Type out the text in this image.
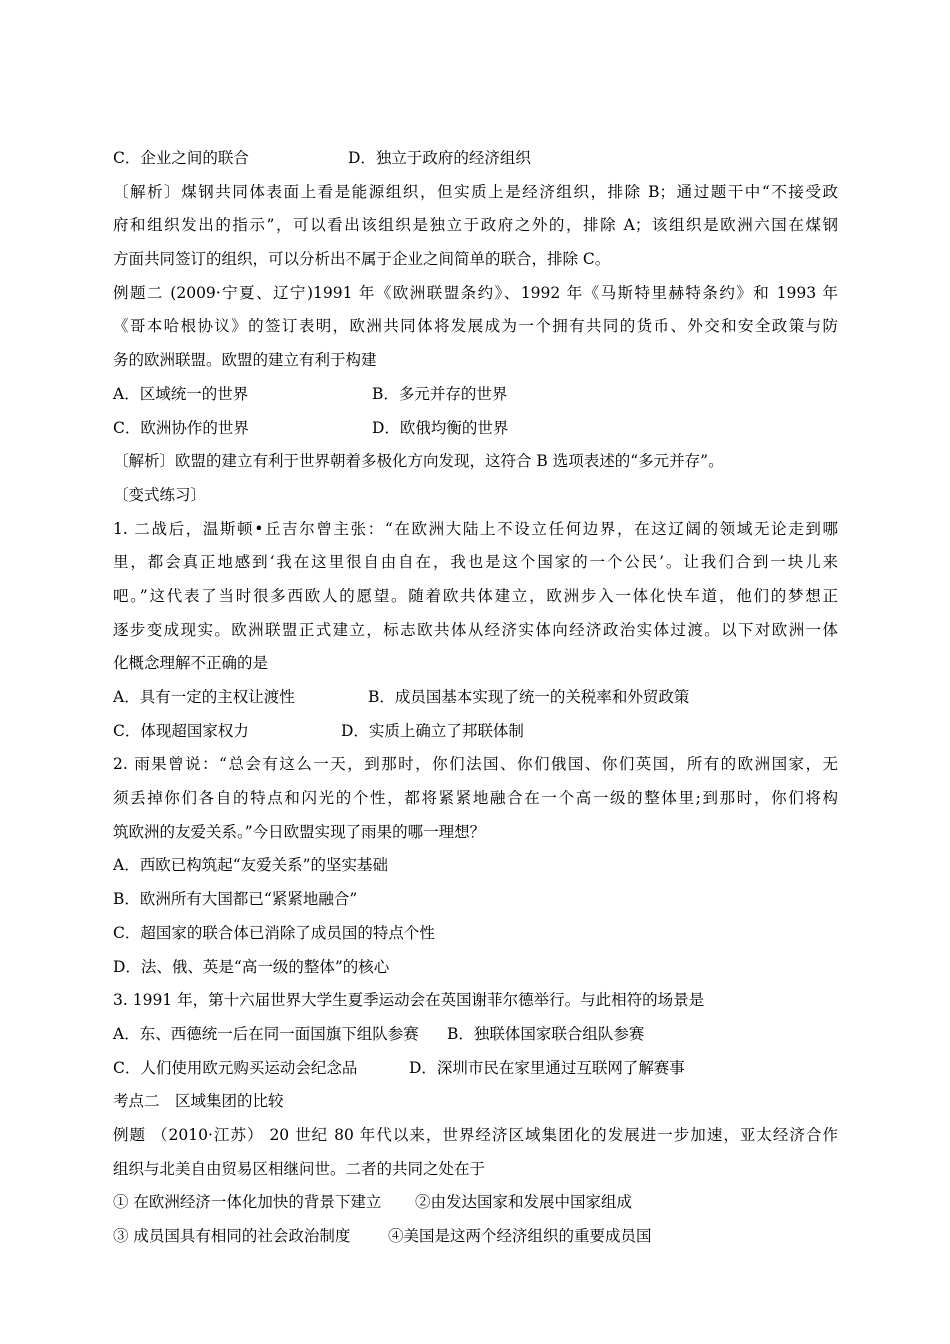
C．企业之间的联合	D．独立于政府的经济组织
〔解析〕煤钢共同体表面上看是能源组织，但实质上是经济组织，排除 B；通过题干中“不接受政
府和组织发出的指示”，可以看出该组织是独立于政府之外的，排除 A；该组织是欧洲六国在煤钢
方面共同签订的组织，可以分析出不属于企业之间简单的联合，排除 C。
例题二 (2009·宁夏、辽宁)1991 年《欧洲联盟条约》、1992 年《马斯特里赫特条约》和 1993 年
《哥本哈根协议》的签订表明，欧洲共同体将发展成为一个拥有共同的货币、外交和安全政策与防
务的欧洲联盟。欧盟的建立有利于构建
A．区域统一的世界	B．多元并存的世界
C．欧洲协作的世界	D．欧俄均衡的世界
〔解析〕欧盟的建立有利于世界朝着多极化方向发现，这符合 B 选项表述的“多元并存”。
〔变式练习〕
1. 二战后，温斯顿•丘吉尔曾主张：“在欧洲大陆上不设立任何边界，在这辽阔的领域无论走到哪
里，都会真正地感到‘我在这里很自由自在，我也是这个国家的一个公民’。让我们合到一块儿来
吧。”这代表了当时很多西欧人的愿望。随着欧共体建立，欧洲步入一体化快车道，他们的梦想正
逐步变成现实。欧洲联盟正式建立，标志欧共体从经济实体向经济政治实体过渡。以下对欧洲一体
化概念理解不正确的是
A．具有一定的主权让渡性	B．成员国基本实现了统一的关税率和外贸政策
C．体现超国家权力	D．实质上确立了邦联体制
2. 雨果曾说：“总会有这么一天，到那时，你们法国、你们俄国、你们英国，所有的欧洲国家，无
须丢掉你们各自的特点和闪光的个性，都将紧紧地融合在一个高一级的整体里;到那时，你们将构
筑欧洲的友爱关系。”今日欧盟实现了雨果的哪一理想？
A．西欧已构筑起“友爱关系”的坚实基础
B．欧洲所有大国都已“紧紧地融合”
C．超国家的联合体已消除了成员国的特点个性
D．法、俄、英是“高一级的整体”的核心
3. 1991 年，第十六届世界大学生夏季运动会在英国谢菲尔德举行。与此相符的场景是
A．东、西德统一后在同一面国旗下组队参赛 B．独联体国家联合组队参赛
C．人们使用欧元购买运动会纪念品	D．深圳市民在家里通过互联网了解赛事
考点二　区域集团的比较
例题 （2010·江苏） 20 世纪 80 年代以来，世界经济区域集团化的发展进一步加速，亚太经济合作
组织与北美自由贸易区相继问世。二者的共同之处在于
① 在欧洲经济一体化加快的背景下建立 ②由发达国家和发展中国家组成
③ 成员国具有相同的社会政治制度 ④美国是这两个经济组织的重要成员国
